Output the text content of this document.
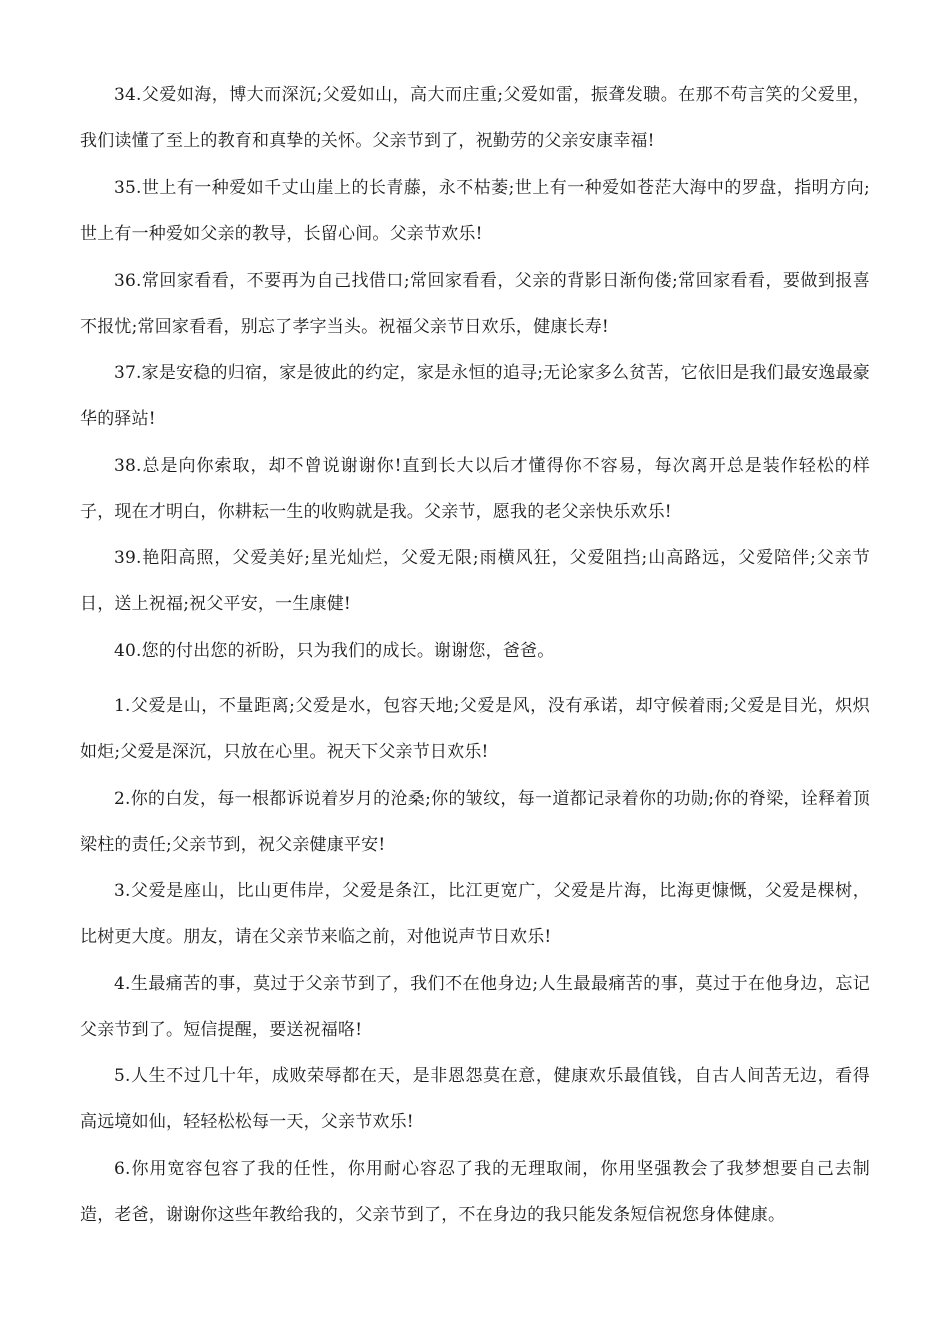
34.父爱如海，博大而深沉;父爱如山，高大而庄重;父爱如雷，振聋发聩。在那不苟言笑的父爱里，我们读懂了至上的教育和真挚的关怀。父亲节到了，祝勤劳的父亲安康幸福!

35.世上有一种爱如千丈山崖上的长青藤，永不枯萎;世上有一种爱如苍茫大海中的罗盘，指明方向;世上有一种爱如父亲的教导，长留心间。父亲节欢乐!

36.常回家看看，不要再为自己找借口;常回家看看，父亲的背影日渐佝偻;常回家看看，要做到报喜不报忧;常回家看看，别忘了孝字当头。祝福父亲节日欢乐，健康长寿!

37.家是安稳的归宿，家是彼此的约定，家是永恒的追寻;无论家多么贫苦，它依旧是我们最安逸最豪华的驿站!

38.总是向你索取，却不曾说谢谢你!直到长大以后才懂得你不容易，每次离开总是装作轻松的样子，现在才明白，你耕耘一生的收购就是我。父亲节，愿我的老父亲快乐欢乐!

39.艳阳高照，父爱美好;星光灿烂，父爱无限;雨横风狂，父爱阻挡;山高路远，父爱陪伴;父亲节日，送上祝福;祝父平安，一生康健!

40.您的付出您的祈盼，只为我们的成长。谢谢您，爸爸。

1.父爱是山，不量距离;父爱是水，包容天地;父爱是风，没有承诺，却守候着雨;父爱是目光，炽炽如炬;父爱是深沉，只放在心里。祝天下父亲节日欢乐!

2.你的白发，每一根都诉说着岁月的沧桑;你的皱纹，每一道都记录着你的功勋;你的脊梁，诠释着顶梁柱的责任;父亲节到，祝父亲健康平安!

3.父爱是座山，比山更伟岸，父爱是条江，比江更宽广，父爱是片海，比海更慷慨，父爱是棵树，比树更大度。朋友，请在父亲节来临之前，对他说声节日欢乐!

4.生最痛苦的事，莫过于父亲节到了，我们不在他身边;人生最最痛苦的事，莫过于在他身边，忘记父亲节到了。短信提醒，要送祝福咯!

5.人生不过几十年，成败荣辱都在天，是非恩怨莫在意，健康欢乐最值钱，自古人间苦无边，看得高远境如仙，轻轻松松每一天，父亲节欢乐!

6.你用宽容包容了我的任性，你用耐心容忍了我的无理取闹，你用坚强教会了我梦想要自己去制造，老爸，谢谢你这些年教给我的，父亲节到了，不在身边的我只能发条短信祝您身体健康。
